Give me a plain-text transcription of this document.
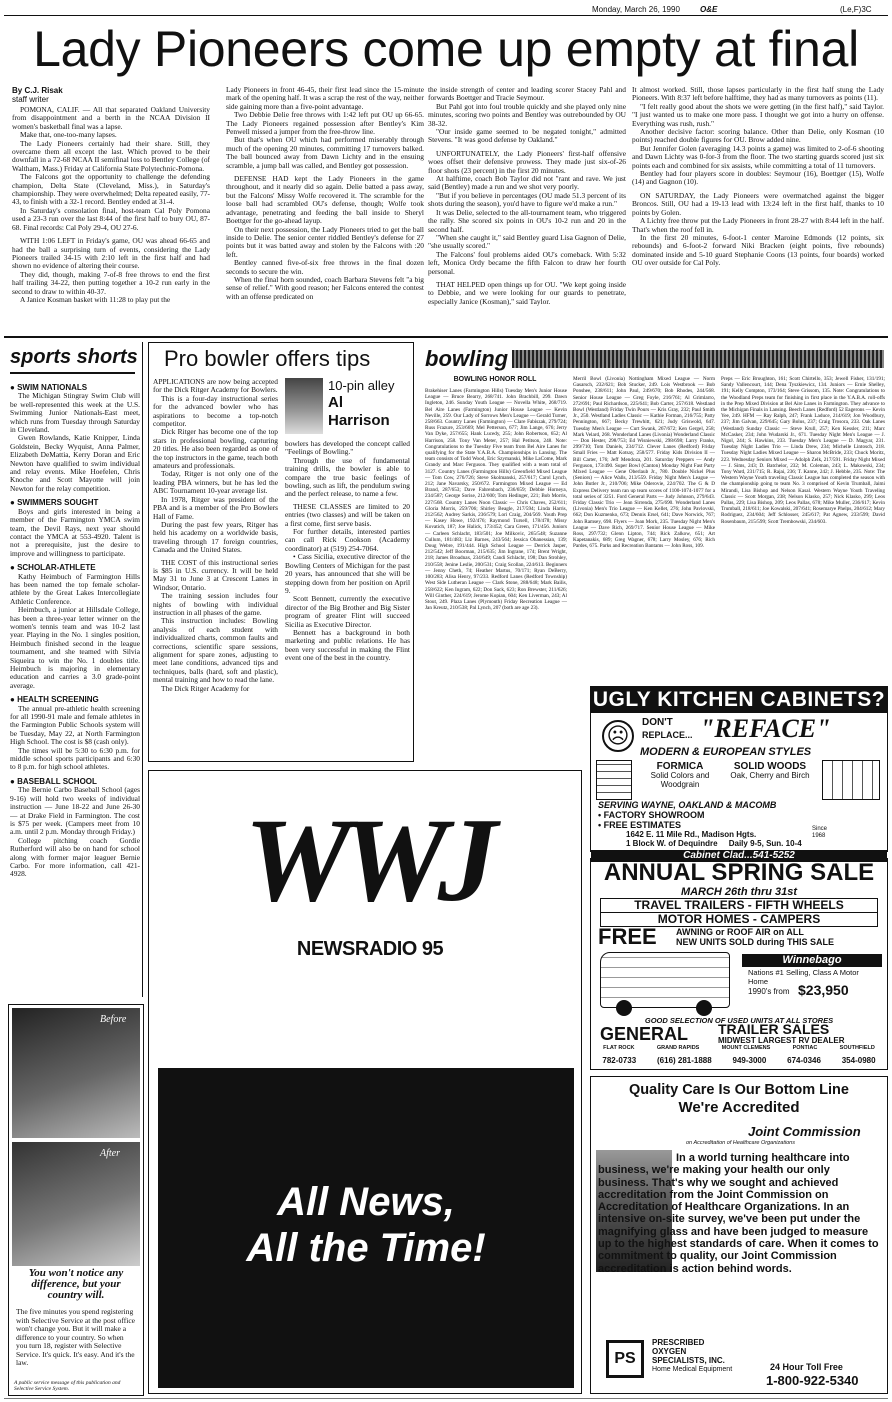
Monday, March 26, 1990	O&E	(Le,F)3C
Lady Pioneers come up empty at final
By C.J. Risak
staff writer

POMONA, CALIF. — All that separated Oakland University from disappointment and a berth in the NCAA Division II women's basketball final was a lapse.

Make that, one-too-many lapses.

The Lady Pioneers certainly had their share. Still, they overcame them all except the last. Which proved to be their downfall in a 72-68 NCAA II semifinal loss to Bentley College (of Waltham, Mass.) Friday at California State Polytechnic-Pomona.

The Falcons got the opportunity to challenge the defending champion, Delta State (Cleveland, Miss.), in Saturday's championship. They were overwhelmed; Delta repeated easily, 77-43, to finish with a 32-1 record. Bentley ended at 31-4.

In Saturday's consolation final, host-team Cal Poly Pomona used a 23-3 run over the last 8:44 of the first half to bury OU, 87-68. Final records: Cal Poly 29-4, OU 27-6.

WITH 1:06 LEFT in Friday's game, OU was ahead 66-65 and had the ball a surprising turn of events, considering the Lady Pioneers trailed 34-15 with 2:10 left in the first half and had shown no evidence of altering their course.

They did, though, making 7-of-8 free throws to end the first half trailing 34-22, then putting together a 10-2 run early in the second to draw to within 40-37.

A Janice Kosman basket with 11:28 to play put the

Lady Pioneers in front 46-45, their first lead since the 15-minute mark of the opening half. It was a scrap the rest of the way, neither side gaining more than a five-point advantage.

Two Debbie Delie free throws with 1:42 left put OU up 66-65. The Lady Pioneers regained possession after Bentley's Kim Penwell missed a jumper from the free-throw line.

But that's when OU which had performed miserably through much of the opening 20 minutes, committing 17 turnovers balked. The ball bounced away from Dawn Lichty and in the ensuing scramble, a jump ball was called, and Bentley got possession.

DEFENSE HAD kept the Lady Pioneers in the game throughout, and it nearly did so again. Delie batted a pass away, but the Falcons' Missy Wolfe recovered it. The scramble for the loose ball had scrambled OU's defense, though; Wolfe took advantage, penetrating and feeding the ball inside to Sheryl Boettger for the go-ahead layup.

On their next possession, the Lady Pioneers tried to get the ball inside to Delie. The senior center riddled Bentley's defense for 27 points but it was batted away and stolen by the Falcons with :20 left.

Bentley canned five-of-six free throws in the final dozen seconds to secure the win.

When the final horn sounded, coach Barbara Stevens felt "a big sense of relief." With good reason; her Falcons entered the contest with an offense predicated on

the inside strength of center and leading scorer Stacey Pahl and forwards Boettger and Tracie Seymour.

But Pahl got into foul trouble quickly and she played only nine minutes, scoring two points and Bentley was outrebounded by OU 38-32.

"Our inside game seemed to be negated tonight," admitted Stevens. "It was good defense by Oakland."

UNFORTUNATELY, the Lady Pioneers' first-half offensive woes offset their defensive prowess. They made just six-of-26 floor shots (23 percent) in the first 20 minutes.

At halftime, coach Bob Taylor did not "rant and rave. We just said (Bentley) made a run and we shot very poorly.

"But if you believe in percentages (OU made 51.3 percent of its shots during the season), you'd have to figure we'd make a run."

It was Delie, selected to the all-tournament team, who triggered the rally. She scored six points in OU's 10-2 run and 20 in the second half.

"When she caught it," said Bentley guard Lisa Gagnon of Delie, "she usually scored."

The Falcons' foul problems aided OU's comeback. With 5:32 left, Monica Ordy became the fifth Falcon to draw her fourth personal.

THAT HELPED open things up for OU. "We kept going inside to Debbie, and we were looking for our guards to penetrate, especially Janice (Kosman)," said Taylor.

It almost worked. Still, those lapses particularly in the first half stung the Lady Pioneers. With 8:37 left before halftime, they had as many turnovers as points (11).

"I felt really good about the shots we were getting (in the first half)," said Taylor. "I just wanted us to make one more pass. I thought we got into a hurry on offense. Everything was rush, rush."

Another decisive factor: scoring balance. Other than Delie, only Kosman (10 points) reached double figures for OU. Brow added nine.

But Jennifer Golen (averaging 14.3 points a game) was limited to 2-of-6 shooting and Dawn Lichty was 0-for-3 from the floor. The two starting guards scored just six points each and combined for six assists, while committing a total of 11 turnovers.

Bentley had four players score in doubles: Seymour (16), Boettger (15), Wolfe (14) and Gagnon (10).

ON SATURDAY, the Lady Pioneers were overmatched against the bigger Broncos. Still, OU had a 19-13 lead with 13:24 left in the first half, thanks to 10 points by Golen.

A Lichty free throw put the Lady Pioneers in front 28-27 with 8:44 left in the half. That's when the roof fell in.

In the first 20 minutes, 6-foot-1 center Maroine Edmonds (12 points, six rebounds) and 6-foot-2 forward Niki Bracken (eight points, five rebounds) dominated inside and 5-10 guard Stephanie Coons (13 points, four boards) worked OU over outside for Cal Poly.

sports shorts
● SWIM NATIONALS

The Michigan Stingray Swim Club will be well-represented this week at the U.S. Swimming Junior Nationals-East meet, which runs from Tuesday through Saturday in Cleveland.

Gwen Rowlands, Katie Knipper, Linda Goldstein, Becky Wyquist, Anna Palmer, Elizabeth DeMattia, Kerry Doran and Eric Newton have qualified to swim individual and relay events. Mike Hoefelen, Chris Knoche and Scott Mayotte will join Newton for the relay competition.

● SWIMMERS SOUGHT

Boys and girls interested in being a member of the Farmington YMCA swim team, the Devil Rays, next year should contact the YMCA at 553-4920. Talent is not a prerequisite, just the desire to improve and willingness to participate.

● SCHOLAR-ATHLETE

Kathy Heimbuch of Farmington Hills has been named the top female scholar-athlete by the Great Lakes Intercollegiate Athletic Conference.

Heimbuch, a junior at Hillsdale College, has been a three-year letter winner on the women's tennis team and was 10-2 last year. Playing in the No. 1 singles position, Heimbuch finished second in the league tournament, and she teamed with Silvia Siqueira to win the No. 1 doubles title. Heimbuch is majoring in elementary education and carries a 3.0 grade-point average.

● HEALTH SCREENING

The annual pre-athletic health screening for all 1990-91 male and female athletes in the Farmington Public Schools system will be Tuesday, May 22, at North Farmington High School. The cost is $8 (cash only).

The times will be 5:30 to 6:30 p.m. for middle school sports participants and 6:30 to 8 p.m. for high school athletes.

● BASEBALL SCHOOL

The Bernie Carbo Baseball School (ages 9-16) will hold two weeks of individual instruction — June 18-22 and June 26-30 — at Drake Field in Farmington. The cost is $75 per week. (Campers meet from 10 a.m. until 2 p.m. Monday through Friday.)

College pitching coach Gordie Rutherford will also be on hand for school along with former major leaguer Bernie Carbo. For more information, call 421-4928.

Pro bowler offers tips

APPLICATIONS are now being accepted for the Dick Ritger Academy for Bowlers.

This is a four-day instructional series for the advanced bowler who has aspirations to become a top-notch competitor.

Dick Ritger has become one of the top stars in professional bowling, capturing 20 titles. He also been regarded as one of the top instructors in the game, teach both amateurs and professionals.

Today, Ritger is not only one of the leading PBA winners, but he has led the ABC Tournament 10-year average list.

In 1978, Ritger was president of the PBA and is a member of the Pro Bowlers Hall of Fame.

During the past few years, Ritger has held his academy on a worldwide basis, traveling through 17 foreign countries, Canada and the United States.

THE COST of this instructional series is $85 in U.S. currency. It will be held May 31 to June 3 at Crescent Lanes in Windsor, Ontario.

The training session includes four nights of bowling with individual instruction in all phases of the game.

This instruction includes: Bowling analysis of each student with individualized charts, common faults and corrections, scientific spare sessions, alignment for spare zones, adjusting to meet lane conditions, advanced tips and techniques, balls (hard, soft and plastic), mental training and how to read the lane.

The Dick Ritger Academy for

10-pin alley
Al
Harrison

bowlers has developed the concept called "Feelings of Bowling."

Through the use of fundamental training drills, the bowler is able to compare the true basic feelings of bowling, such as lift, the pendulum swing and the perfect release, to name a few.

THESE CLASSES are limited to 20 entries (two classes) and will be taken on a first come, first serve basis.

For further details, interested parties can call Rick Cookson (Academy coordinator) at (519) 254-7064.

• Cass Sicilia, executive director of the Bowling Centers of Michigan for the past 20 years, has announced that she will be stepping down from her position on April 9.

Scott Bennett, currently the executive director of the Big Brother and Big Sister program of greater Flint will succeed Sicilia as Executive Director.

Bennett has a background in both marketing and public relations. He has been very successful in making the Flint event one of the best in the country.

bowling
BOWLING HONOR ROLL
Brakehiser Lanes (Farmington Hills) Tuesday Men's Junior House League — Bruce Bearry, 268/741. John Brachbill, 299. Dawn Ingleton, 246. Sunday Youth League — Novella White, 268/719. Bel Aire Lanes (Farmington) Junior House League — Kevin Neville, 259. Our Lady of Sorrows Men's League — Gerald Turner, 258/663. Country Lanes (Farmington) — Clare Fabiszak, 279/724; Russ Frazure, 253/669; Mel Petterson, 677; Jim Lange, 676; Jerry Van Dyke, 257/655; Hank Lucedy, 255; John Robertson, 652; Al Harrison, 258. Tony Van Meter, 257; Hal Petitson, 248. Note: Congratulations to the Tuesday Five team from Bel Aire Lanes for qualifying for the State Y.A.B.A. Championships in Lansing. The team consists of Todd Wood, Eric Szymanski, Mike LaCome, Mark Grandy and Marc Ferguson. They qualified with a team total of 3127. Country Lanes (Farmington Hills) Greenfield Mixed League — Tom Cow, 276/726; Steve Skolmanski, 257/617; Carol Lynch, 212; Jane Navarsky, 250/672. Farmington Mixed League — Ed Brand, 287/653; Dave Fahrenbach, 236/659; Debbie Horneya, 234/587; George Sorise, 212/600; Tom Hedinger, 221; Bob Morris, 227/568. Country Lanes Noon Classic — Chris Chaves, 252/611; Gloria Morris, 259/706; Shirley Beagle, 217/594; Linda Harris, 212/562; Audrey Sarkis, 236/579; Lori Craig, 204/569. Youth Prep — Kasey Howe, 192/476; Raymond Tursell, 178/478; Missy Kovatich, 187; Joe Halick, 173/452; Cara Green, 171/456. Juniors — Carleen Schlacht, 183/501; Joe Milkovic, 265/548; Suzanne Cullum, 181/483; Liz Barnes, 243/564; Jessica Ohanessian, 139; Doug Webre, 191/444. High School League — Derrick Jasper, 212/542; Jeff Boorman, 215/635; Jim Ingrane, 174; Brent Wright, 218; James Broadnax, 234/649; Candi Schlacht, 198; Dan Strohley, 210/558; Jenine Leslie, 200/531; Craig Scollan, 224/613. Beginners — Jenny Cheth, 74; Heather Martus, 70/171; Ryan DeBerry, 100/283; Alisa Henry, 97/233. Redford Lanes (Redford Township) West Side Lutheran League — Clark Stone, 288/648; Mark Bailis, 258/622; Ken Ingram, 622; Don Sack, 623; Ron Brewster, 211/626; Will Ginther, 224/619; Jerome Kopian, 604; Ken Liverman, 243; Al Stout, 249. Plaza Lanes (Plymouth) Friday Recreation League — Jan Kreutz, 210/538; Pal Lynch, 207 (both are age 23).
Merril Bowl (Livonia) Nottingham Mixed League — Norm Gasarsch, 232/621; Bob Stucker, 249. Lois Westbrook — Bob Ponshee, 238/611; John Paul, 249/670; Bob Rhodes, 244/568. Senior House League — Greg Foyle, 216/761; Al Grimlarro, 272/691; Paul Richardson, 225/641; Bob Carter, 257/618. Westland Bowl (Westland) Friday Twin Pours — Kris Gray, 232; Paul Smith Jr., 250. Westland Ladies Classic — Kathie Forman, 216/755; Patty Pennington, 667; Becky Trewhitt, 621; Judy Griswold, 647. Tuesday Men's League — Curt Swank, 267/672; Ken Gergel, 258; Mark Velard, 268. Wonderland Lanes (Livonia) Wonderland Classic — Don Hester, 298/753; Ed Wisniewski, 298/698; Larry Franks, 299/710; Tom Daniels, 234/712. Clever Lanes (Redford) Friday Small Fries — Matt Kotsay, 258/577. Friday Kids Division II — Bill Carter, 176; Jeff Mendoza, 201. Saturday Preppers — Andy Ferguson, 173/490. Super Bowl (Canton) Monday Night Fast Party Mixed League — Gene Oberlaub Jr., 780. Double Nickel Plus (Seniors) — Alice Walls, 213/559. Friday Night Men's League — John Butler Jr., 210/706; Mike Oderovie, 224/702. The G & D Express Delivery team ran up team scores of 1100-1074-1077 for a total series of 3251. Ford General Parts — Judy Johnson, 279/643. Friday Classic Trio — Jean Sirrenda, 275/690. Wonderland Lanes (Livonia) Men's Trio League — Ken Kellet, 276; John Pavlovski, 662; Don Kuzmenko, 673; Dennis Ersel, 641; Dave Norwick, 767; John Ramsey, 698. Flyers — Joan Mork, 235. Tuesday Night Men's League — Dave Rich, 269/717. Senior House League — Mike Ross, 297/732; Glenn Lipton, 744; Rick Zalkow, 651; Art Kapetanakis, 689; Greg Wagner, 678; Larry Mosley, 676; Rich Pardes, 675. Parks and Recreation Bantams — John Ross, 109.
Preps — Eric Broughton, 161; Scott Chirtello, 353; Jewell Fisher, 131/191; Sandy Vallencourt, 144; Dena Tyszkiewicz, 134. Juniors — Ernie Shelley, 191; Kelly Compton, 173/164; Steve Grissom, 135. Note: Congratulations to the Woodland Preps team for finishing in first place in the Y.A.B.A. roll-offs in the Prep Mixed Division at Bel Aire Lanes in Farmington. They advance to the Michigan Finals in Lansing. Beech Lanes (Redford) 52 Eagerons — Kevin Yee, 249. HFM — Ray Ralph, 247; Frank Laduce, 214/619; Jon Woodbury, 237; Jim Galvan, 229/645; Gary Bolus, 237; Craig Trosora, 233. Oak Lanes (Westland) Sunday Classic — Steve Krull, 257; Ken Kessler, 211; Marc McCasker, 234; John Wudarski Jr., 671. Tuesday Night Men's League — J. Nigol, 244; S. Hawkins, 233. Tuesday Men's League — D. Magyar, 231. Tuesday Night Ladies Trio — Linda Drew, 234; Michelle Lintosch, 218. Tuesday Night Ladies Mixed League — Sharon McBride, 233; Chuck Moritz, 223. Wednesday Seniors Mixed — Adolph Zelk, 217/591. Friday Night Mixed — J. Sims, 243; D. Batchelor, 232; M. Coleman, 243; L. Makowski, 234; Tony Ward, 231/715; R. Rajai, 236; T. Kanne, 242; J. Hebble, 235. Note: The Western Wayne Youth traveling Classic League has completed the season with the championship going to team No. 3 comprised of Kevin Trumball, Jaimi Mirandi, Lisa Bishop and Nelson Kasal. Western Wayne Youth Traveling Classic — Scott Morgan, 238; Nelson Klasko, 257; Nick Klasko, 299; Leos Pallas, 229; Lisa Bishop, 209; Leos Pallas, 678; Mike Muller, 236/617; Kevin Trumball, 218/611; Joe Kowalski, 207/641; Rosemarye Phelps, 204/612; Mary Rodriguez, 234/604; Jeff Schlosser, 245/617; Pat Agnew, 233/599; David Rosenbaum, 215/599; Scott Trembowski, 234/603.
UGLY KITCHEN CABINETS?
☹
DON'T
REPLACE... "REFACE"
MODERN & EUROPEAN STYLES
FORMICA
Solid Colors and Woodgrain
SOLID WOODS
Oak, Cherry and Birch
SERVING WAYNE, OAKLAND & MACOMB
• FACTORY SHOWROOM
• FREE ESTIMATES
1642 E. 11 Mile Rd., Madison Hgts.
Since 1968
1 Block W. of Dequindre Daily 9-5, Sun. 10-4
Cabinet Clad...541-5252
WWJ
NEWSRADIO 95
All News,
All the Time!
Before
After
You won't notice any difference, but your country will.
The five minutes you spend registering with Selective Service at the post office won't change you. But it will make a difference to your country. So when you turn 18, register with Selective Service. It's quick. It's easy. And it's the law.
A public service message of this publication and Selective Service System.
ANNUAL SPRING SALE
MARCH 26th thru 31st
TRAVEL TRAILERS - FIFTH WHEELS
MOTOR HOMES - CAMPERS
FREE AWNING or ROOF AIR on ALL
NEW UNITS SOLD during THIS SALE
Winnebago
Nations #1 Selling, Class A Motor Home
1990's from $23,950
GOOD SELECTION OF USED UNITS AT ALL STORES
GENERAL TRAILER SALES
MIDWEST LARGEST RV DEALER
FLAT ROCK	GRAND RAPIDS	MOUNT CLEMENS	PONTIAC	SOUTHFIELD
782-0733	(616) 281-1888	949-3000	674-0346	354-0980
Quality Care Is Our Bottom Line
We're Accredited
Joint Commission
on Accreditation of Healthcare Organizations
In a world turning healthcare into business, we're making your health our only business. That's why we sought and achieved accreditation from the Joint Commission on Accreditation of Healthcare Organizations. In an intensive on-site survey, we've been put under the magnifying glass and have been judged to measure up to the highest standards of care. When it comes to commitment to quality, our Joint Commission accreditation is action behind words.
PS
PRESCRIBED
OXYGEN
SPECIALISTS, INC.
Home Medical Equipment	24 Hour Toll Free
1-800-922-5340
